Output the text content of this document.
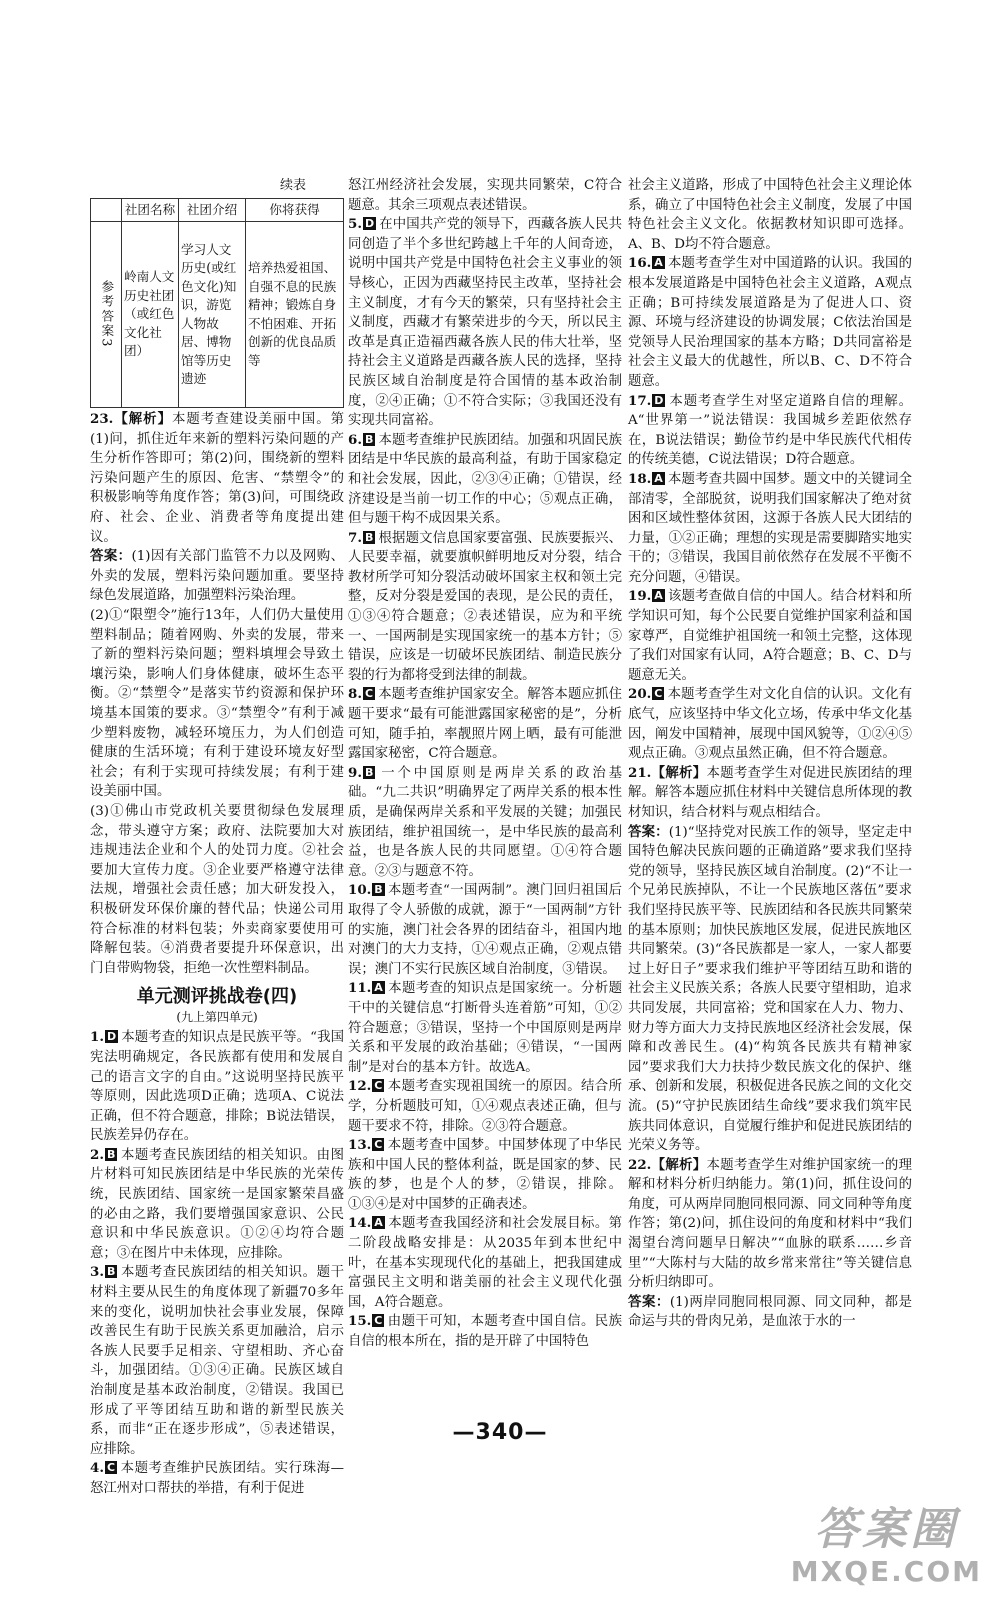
续表
	社团名称	社团介绍	你将获得

参考答案3	岭南人文历史社团（或红色文化社团）	学习人文历史(或红色文化)知识，游览人物故居、博物馆等历史遗迹	培养热爱祖国、自强不息的民族精神；锻炼自身不怕困难、开拓创新的优良品质等

23.【解析】本题考查建设美丽中国。第(1)问，抓住近年来新的塑料污染问题的产生分析作答即可；第(2)问，围绕新的塑料污染问题产生的原因、危害、“禁塑令”的积极影响等角度作答；第(3)问，可围绕政府、社会、企业、消费者等角度提出建议。

答案：(1)因有关部门监管不力以及网购、外卖的发展，塑料污染问题加重。要坚持绿色发展道路，加强塑料污染治理。

(2)①“限塑令”施行13年，人们仍大量使用塑料制品；随着网购、外卖的发展，带来了新的塑料污染问题；塑料填埋会导致土壤污染，影响人们身体健康，破坏生态平衡。②“禁塑令”是落实节约资源和保护环境基本国策的要求。③“禁塑令”有利于减少塑料废物，减轻环境压力，为人们创造健康的生活环境；有利于建设环境友好型社会；有利于实现可持续发展；有利于建设美丽中国。

(3)①佛山市党政机关要贯彻绿色发展理念，带头遵守方案；政府、法院要加大对违规违法企业和个人的处罚力度。②社会要加大宣传力度。③企业要严格遵守法律法规，增强社会责任感；加大研发投入，积极研发环保价廉的替代品；快递公司用符合标准的材料包装；外卖商家要使用可降解包装。④消费者要提升环保意识，出门自带购物袋，拒绝一次性塑料制品。

单元测评挑战卷(四)
(九上第四单元)

1. D 本题考查的知识点是民族平等。“我国宪法明确规定，各民族都有使用和发展自己的语言文字的自由。”这说明坚持民族平等原则，因此选项D正确；选项A、C说法正确，但不符合题意，排除；B说法错误，民族差异仍存在。

2. B 本题考查民族团结的相关知识。由图片材料可知民族团结是中华民族的光荣传统，民族团结、国家统一是国家繁荣昌盛的必由之路，我们要增强国家意识、公民意识和中华民族意识。①②④均符合题意；③在图片中未体现，应排除。

3. B 本题考查民族团结的相关知识。题干材料主要从民生的角度体现了新疆70多年来的变化，说明加快社会事业发展，保障改善民生有助于民族关系更加融洽，启示各族人民要手足相亲、守望相助、齐心奋斗，加强团结。①③④正确。民族区域自治制度是基本政治制度，②错误。我国已形成了平等团结互助和谐的新型民族关系，而非“正在逐步形成”，⑤表述错误，应排除。

4. C 本题考查维护民族团结。实行珠海—怒江州对口帮扶的举措，有利于促进

怒江州经济社会发展，实现共同繁荣，C符合题意。其余三项观点表述错误。

5. D 在中国共产党的领导下，西藏各族人民共同创造了半个多世纪跨越上千年的人间奇迹，说明中国共产党是中国特色社会主义事业的领导核心，正因为西藏坚持民主改革，坚持社会主义制度，才有今天的繁荣，只有坚持社会主义制度，西藏才有繁荣进步的今天，所以民主改革是真正造福西藏各族人民的伟大壮举，坚持社会主义道路是西藏各族人民的选择，坚持民族区域自治制度是符合国情的基本政治制度，②④正确；①不符合实际；③我国还没有实现共同富裕。

6. B 本题考查维护民族团结。加强和巩固民族团结是中华民族的最高利益，有助于国家稳定和社会发展，因此，②③④正确；①错误，经济建设是当前一切工作的中心；⑤观点正确，但与题干构不成因果关系。

7. B 根据题文信息国家要富强、民族要振兴、人民要幸福，就要旗帜鲜明地反对分裂，结合教材所学可知分裂活动破坏国家主权和领土完整，反对分裂是爱国的表现，是公民的责任，①③④符合题意；②表述错误，应为和平统一、一国两制是实现国家统一的基本方针；⑤错误，应该是一切破坏民族团结、制造民族分裂的行为都将受到法律的制裁。

8. C 本题考查维护国家安全。解答本题应抓住题干要求“最有可能泄露国家秘密的是”，分析可知，随手拍，率靓照片网上晒，最有可能泄露国家秘密，C符合题意。

9. B 一个中国原则是两岸关系的政治基础。“九二共识”明确界定了两岸关系的根本性质，是确保两岸关系和平发展的关键；加强民族团结，维护祖国统一，是中华民族的最高利益，也是各族人民的共同愿望。①④符合题意。②③与题意不符。

10. B 本题考查“一国两制”。澳门回归祖国后取得了令人骄傲的成就，源于“一国两制”方针的实施，澳门社会各界的团结奋斗，祖国内地对澳门的大力支持，①④观点正确，②观点错误；澳门不实行民族区域自治制度，③错误。

11. A 本题考查的知识点是国家统一。分析题干中的关键信息“打断骨头连着筋”可知，①②符合题意；③错误，坚持一个中国原则是两岸关系和平发展的政治基础；④错误，“一国两制”是对台的基本方针。故选A。

12. C 本题考查实现祖国统一的原因。结合所学，分析题肢可知，①④观点表述正确，但与题干要求不符，排除。②③符合题意。

13. C 本题考查中国梦。中国梦体现了中华民族和中国人民的整体利益，既是国家的梦、民族的梦，也是个人的梦，②错误，排除。①③④是对中国梦的正确表述。

14. A 本题考查我国经济和社会发展目标。第二阶段战略安排是：从2035年到本世纪中叶，在基本实现现代化的基础上，把我国建成富强民主文明和谐美丽的社会主义现代化强国，A符合题意。

15. C 由题干可知，本题考查中国自信。民族自信的根本所在，指的是开辟了中国特色

社会主义道路，形成了中国特色社会主义理论体系，确立了中国特色社会主义制度，发展了中国特色社会主义文化。依据教材知识即可选择。A、B、D均不符合题意。

16. A 本题考查学生对中国道路的认识。我国的根本发展道路是中国特色社会主义道路，A观点正确；B可持续发展道路是为了促进人口、资源、环境与经济建设的协调发展；C依法治国是党领导人民治理国家的基本方略；D共同富裕是社会主义最大的优越性，所以B、C、D不符合题意。

17. D 本题考查学生对坚定道路自信的理解。A“世界第一”说法错误：我国城乡差距依然存在，B说法错误；勤俭节约是中华民族代代相传的传统美德，C说法错误；D符合题意。

18. A 本题考查共圆中国梦。题文中的关键词全部清零，全部脱贫，说明我们国家解决了绝对贫困和区域性整体贫困，这源于各族人民大团结的力量，①②正确；理想的实现是需要脚踏实地实干的；③错误，我国目前依然存在发展不平衡不充分问题，④错误。

19. A 该题考查做自信的中国人。结合材料和所学知识可知，每个公民要自觉维护国家利益和国家尊严，自觉维护祖国统一和领土完整，这体现了我们对国家有认同，A符合题意；B、C、D与题意无关。

20. C 本题考查学生对文化自信的认识。文化有底气，应该坚持中华文化立场，传承中华文化基因，阐发中国精神，展现中国风貌等，①②④⑤观点正确。③观点虽然正确，但不符合题意。

21.【解析】本题考查学生对促进民族团结的理解。解答本题应抓住材料中关键信息所体现的教材知识，结合材料与观点相结合。

答案：(1)“坚持党对民族工作的领导，坚定走中国特色解决民族问题的正确道路”要求我们坚持党的领导，坚持民族区域自治制度。(2)“不让一个兄弟民族掉队，不让一个民族地区落伍”要求我们坚持民族平等、民族团结和各民族共同繁荣的基本原则；加快民族地区发展，促进民族地区共同繁荣。(3)“各民族都是一家人，一家人都要过上好日子”要求我们维护平等团结互助和谐的社会主义民族关系；各族人民要守望相助，追求共同发展，共同富裕；党和国家在人力、物力、财力等方面大力支持民族地区经济社会发展，保障和改善民生。(4)“构筑各民族共有精神家园”要求我们大力扶持少数民族文化的保护、继承、创新和发展，积极促进各民族之间的文化交流。(5)“守护民族团结生命线”要求我们筑牢民族共同体意识，自觉履行维护和促进民族团结的光荣义务等。

22.【解析】本题考查学生对维护国家统一的理解和材料分析归纳能力。第(1)问，抓住设问的角度，可从两岸同胞同根同源、同文同种等角度作答；第(2)问，抓住设问的角度和材料中“我们渴望台湾问题早日解决”“血脉的联系……乡音里”“大陈村与大陆的故乡常来常往”等关键信息分析归纳即可。

答案：(1)两岸同胞同根同源、同文同种，都是命运与共的骨肉兄弟，是血浓于水的一

—340—
答案圈
MXQE.COM
